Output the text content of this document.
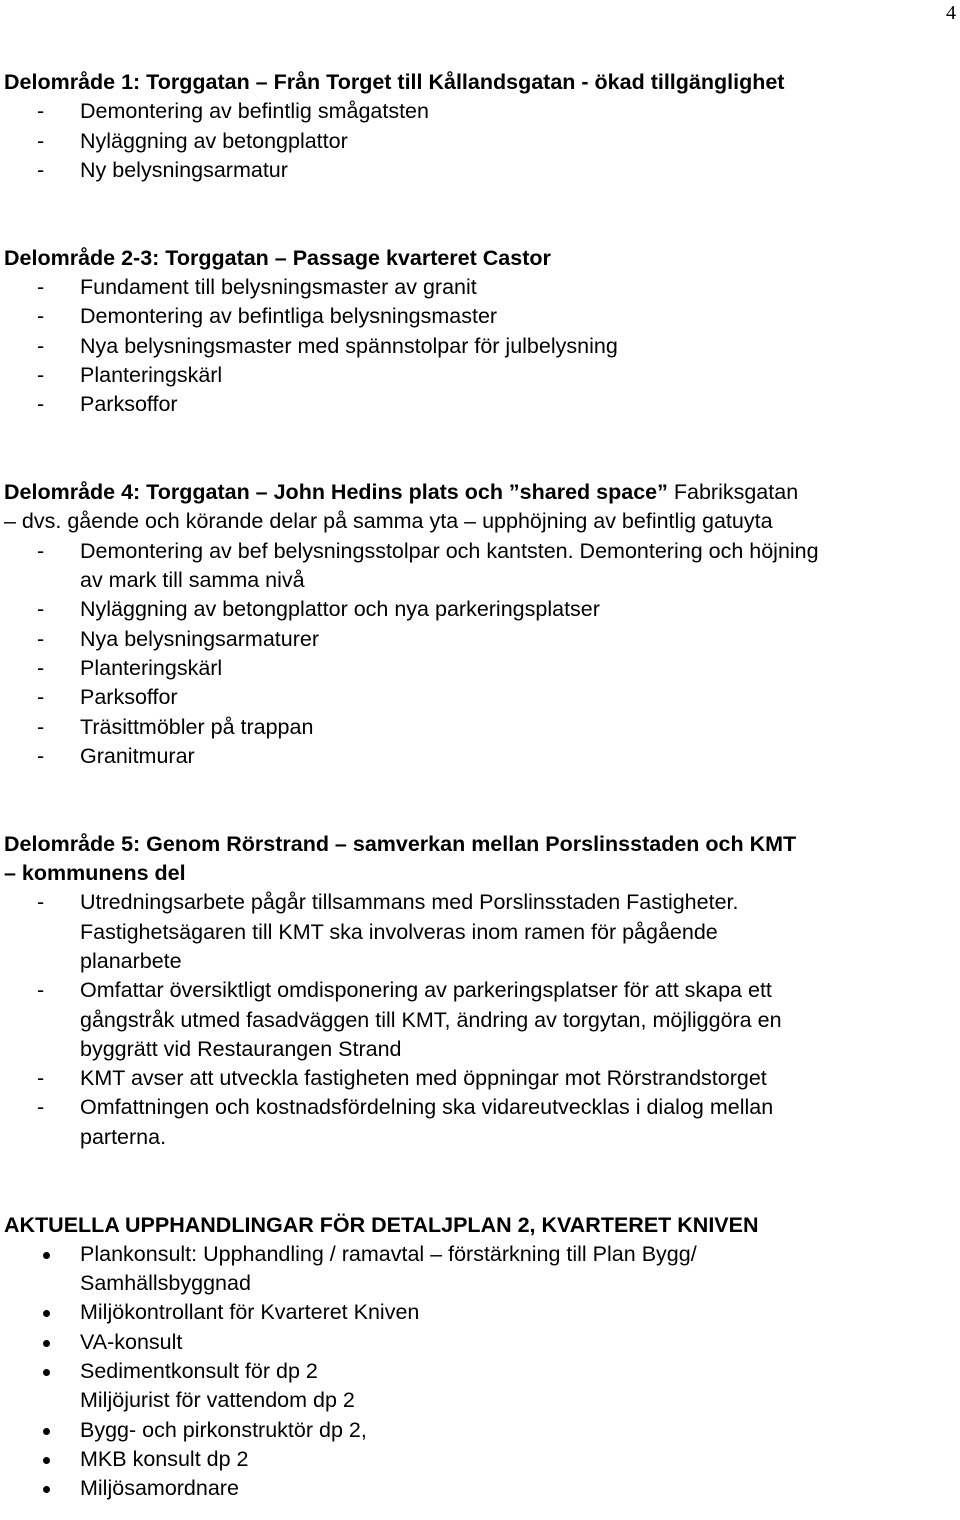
4
Delområde 1: Torggatan – Från Torget till Kållandsgatan - ökad tillgänglighet
-
Demontering av befintlig smågatsten
-
Nyläggning av betongplattor
-
Ny belysningsarmatur
Delområde 2-3: Torggatan – Passage kvarteret Castor
-
Fundament till belysningsmaster av granit
-
Demontering av befintliga belysningsmaster
-
Nya belysningsmaster med spännstolpar för julbelysning
-
Planteringskärl
-
Parksoffor
Delområde 4: Torggatan – John Hedins plats och ”shared space” Fabriksgatan
– dvs. gående och körande delar på samma yta – upphöjning av befintlig gatuyta
-
Demontering av bef belysningsstolpar och kantsten. Demontering och höjning
av mark till samma nivå
-
Nyläggning av betongplattor och nya parkeringsplatser
-
Nya belysningsarmaturer
-
Planteringskärl
-
Parksoffor
-
Träsittmöbler på trappan
-
Granitmurar
Delområde 5: Genom Rörstrand – samverkan mellan Porslinsstaden och KMT
– kommunens del
-
Utredningsarbete pågår tillsammans med Porslinsstaden Fastigheter.
Fastighetsägaren till KMT ska involveras inom ramen för pågående
planarbete
-
Omfattar översiktligt omdisponering av parkeringsplatser för att skapa ett
gångstråk utmed fasadväggen till KMT, ändring av torgytan, möjliggöra en
byggrätt vid Restaurangen Strand
-
KMT avser att utveckla fastigheten med öppningar mot Rörstrandstorget
-
Omfattningen och kostnadsfördelning ska vidareutvecklas i dialog mellan
parterna.
AKTUELLA UPPHANDLINGAR FÖR DETALJPLAN 2, KVARTERET KNIVEN
Plankonsult: Upphandling / ramavtal – förstärkning till Plan Bygg/
Samhällsbyggnad
Miljökontrollant för Kvarteret Kniven
VA-konsult
Sedimentkonsult för dp 2
Miljöjurist för vattendom dp 2
Bygg- och pirkonstruktör dp 2,
MKB konsult dp 2
Miljösamordnare
